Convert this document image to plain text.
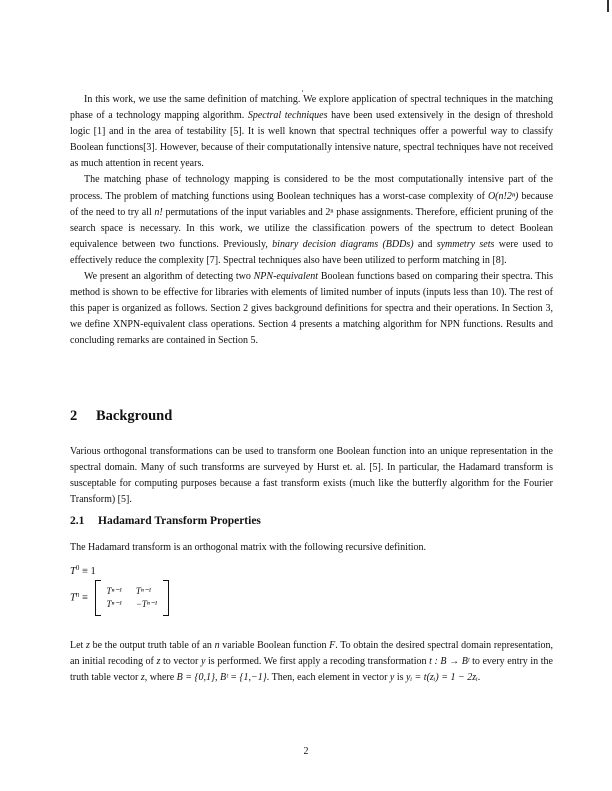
In this work, we use the same definition of matching. We explore application of spectral techniques in the matching phase of a technology mapping algorithm. Spectral techniques have been used extensively in the design of threshold logic [1] and in the area of testability [5]. It is well known that spectral techniques offer a powerful way to classify Boolean functions[3]. However, because of their computationally intensive nature, spectral techniques have not received as much attention in recent years.

The matching phase of technology mapping is considered to be the most computationally intensive part of the process. The problem of matching functions using Boolean techniques has a worst-case complexity of O(n!2ⁿ) because of the need to try all n! permutations of the input variables and 2ⁿ phase assignments. Therefore, efficient pruning of the search space is necessary. In this work, we utilize the classification powers of the spectrum to detect Boolean equivalence between two functions. Previously, binary decision diagrams (BDDs) and symmetry sets were used to effectively reduce the complexity [7]. Spectral techniques also have been utilized to perform matching in [8].

We present an algorithm of detecting two NPN-equivalent Boolean functions based on comparing their spectra. This method is shown to be effective for libraries with elements of limited number of inputs (inputs less than 10). The rest of this paper is organized as follows. Section 2 gives background definitions for spectra and their operations. In Section 3, we define XNPN-equivalent class operations. Section 4 presents a matching algorithm for NPN functions. Results and concluding remarks are contained in Section 5.

2 Background

Various orthogonal transformations can be used to transform one Boolean function into an unique representation in the spectral domain. Many of such transforms are surveyed by Hurst et. al. [5]. In particular, the Hadamard transform is susceptable for computing purposes because a fast transform exists (much like the butterfly algorithm for the Fourier Transform) [5].

2.1 Hadamard Transform Properties

The Hadamard transform is an orthogonal matrix with the following recursive definition.

$T^0 \equiv 1$
$T^n$ ≡
Tⁿ⁻¹ Tⁿ⁻¹
Tⁿ⁻¹ −Tⁿ⁻¹

Let z be the output truth table of an n variable Boolean function F. To obtain the desired spectral domain representation, an initial recoding of z to vector y is performed. We first apply a recoding transformation t : B → Bᵗ to every entry in the truth table vector z, where B = {0,1}, Bᵗ = {1,−1}. Then, each element in vector y is yᵢ = t(zᵢ) = 1 − 2zᵢ.

2
